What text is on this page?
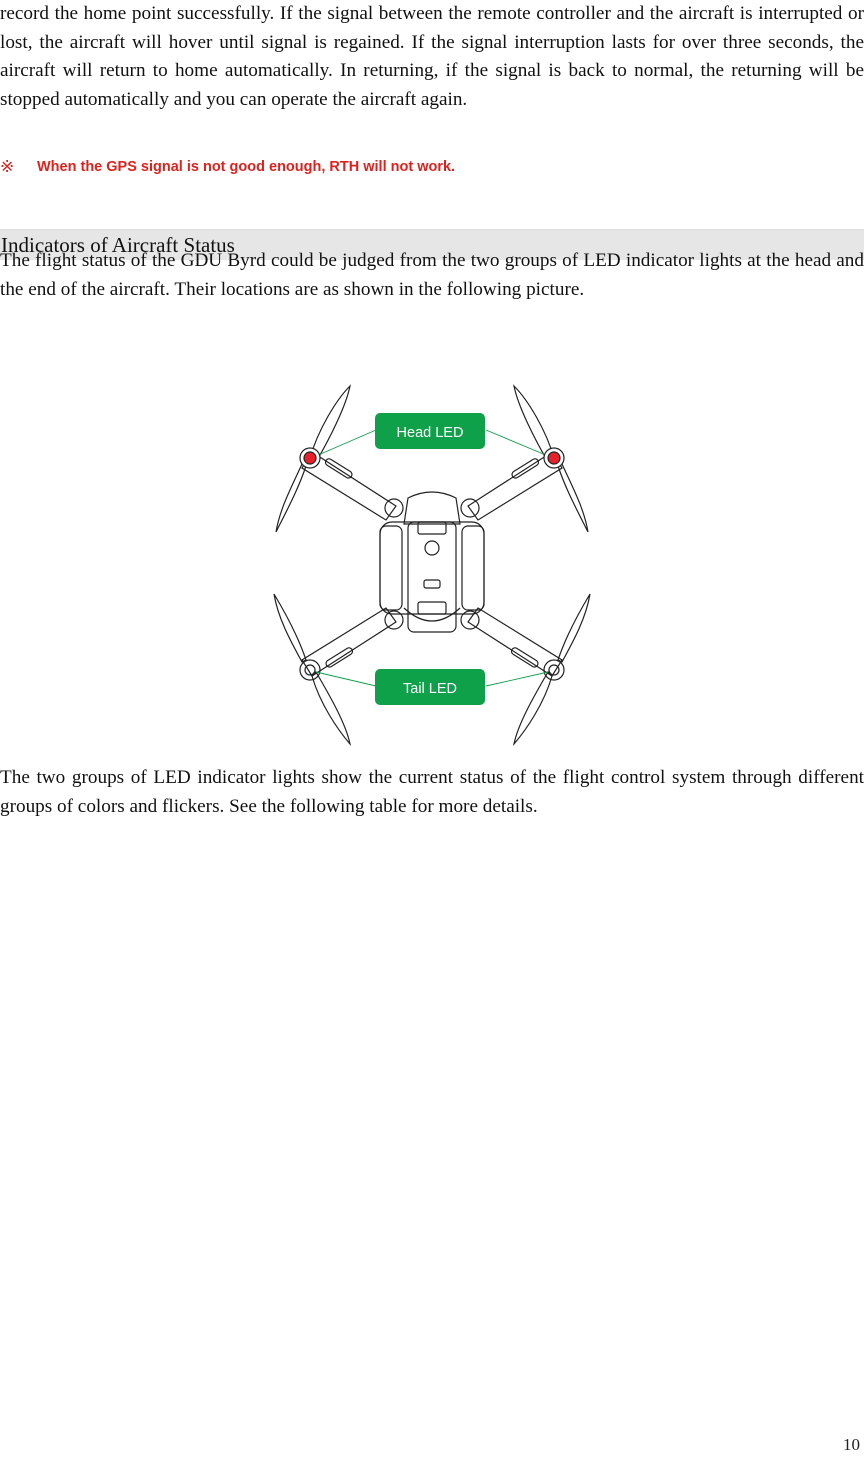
record the home point successfully. If the signal between the remote controller and the aircraft is interrupted or lost, the aircraft will hover until signal is regained. If the signal interruption lasts for over three seconds, the aircraft will return to home automatically. In returning, if the signal is back to normal, the returning will be stopped automatically and you can operate the aircraft again.

※ When the GPS signal is not good enough, RTH will not work.
Indicators of Aircraft Status

The flight status of the GDU Byrd could be judged from the two groups of LED indicator lights at the head and the end of the aircraft. Their locations are as shown in the following picture.

Head LED
Tail LED

The two groups of LED indicator lights show the current status of the flight control system through different groups of colors and flickers. See the following table for more details.

10
